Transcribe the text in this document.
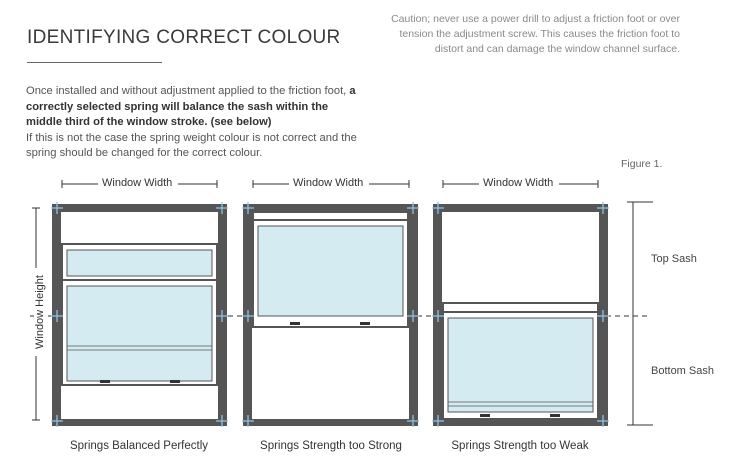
IDENTIFYING CORRECT COLOUR
Caution; never use a power drill to adjust a friction foot or over tension the adjustment screw. This causes the friction foot to distort and can damage the window channel surface.
Once installed and without adjustment applied to the friction foot, a correctly selected spring will balance the sash within the middle third of the window stroke. (see below)
If this is not the case the spring weight colour is not correct and the spring should be changed for the correct colour.
Figure 1.
Window Width	Window Width	Window Width
Window Height
Top Sash
Bottom Sash
Springs Balanced Perfectly	Springs Strength too Strong	Springs Strength too Weak
